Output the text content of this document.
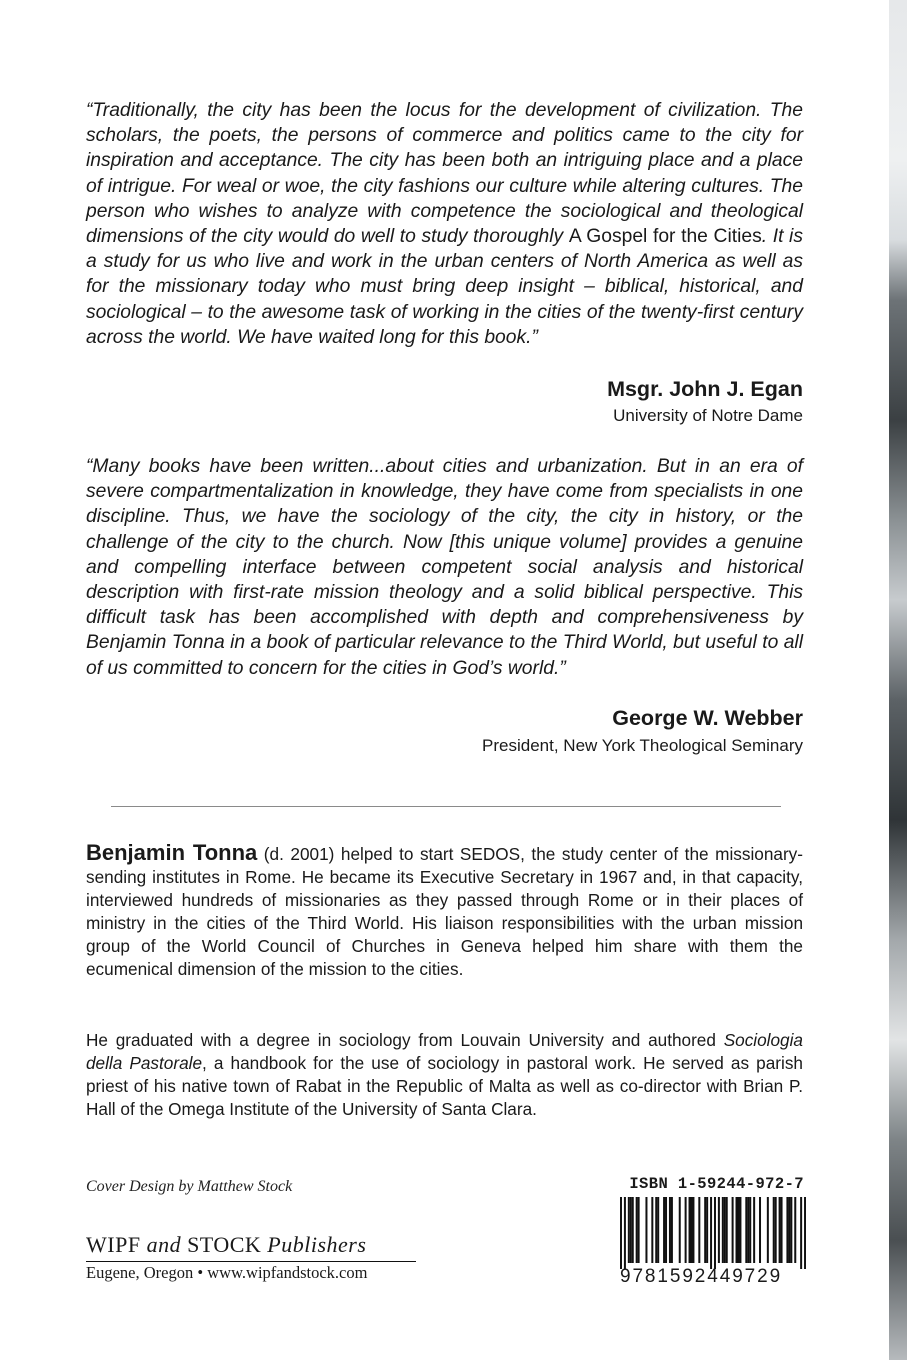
“Traditionally, the city has been the locus for the development of civilization. The scholars, the poets, the persons of commerce and politics came to the city for inspiration and acceptance. The city has been both an intriguing place and a place of intrigue. For weal or woe, the city fashions our culture while altering cultures. The person who wishes to analyze with competence the sociological and theological dimensions of the city would do well to study thoroughly A Gospel for the Cities. It is a study for us who live and work in the urban centers of North America as well as for the missionary today who must bring deep insight – biblical, historical, and sociological – to the awesome task of working in the cities of the twenty-first century across the world. We have waited long for this book.”

Msgr. John J. Egan

University of Notre Dame

“Many books have been written...about cities and urbanization. But in an era of severe compartmentalization in knowledge, they have come from specialists in one discipline. Thus, we have the sociology of the city, the city in history, or the challenge of the city to the church. Now [this unique volume] provides a genuine and compelling interface between competent social analysis and historical description with first-rate mission theology and a solid biblical perspective. This difficult task has been accomplished with depth and comprehensiveness by Benjamin Tonna in a book of particular relevance to the Third World, but useful to all of us committed to concern for the cities in God’s world.”

George W. Webber

President, New York Theological Seminary

Benjamin Tonna (d. 2001) helped to start SEDOS, the study center of the missionary-sending institutes in Rome. He became its Executive Secretary in 1967 and, in that capacity, interviewed hundreds of missionaries as they passed through Rome or in their places of ministry in the cities of the Third World. His liaison responsibilities with the urban mission group of the World Council of Churches in Geneva helped him share with them the ecumenical dimension of the mission to the cities.

He graduated with a degree in sociology from Louvain University and authored Sociologia della Pastorale, a handbook for the use of sociology in pastoral work. He served as parish priest of his native town of Rabat in the Republic of Malta as well as co-director with Brian P. Hall of the Omega Institute of the University of Santa Clara.

Cover Design by Matthew Stock

WIPF and STOCK Publishers

Eugene, Oregon • www.wipfandstock.com

ISBN 1-59244-972-7

9781592449729
